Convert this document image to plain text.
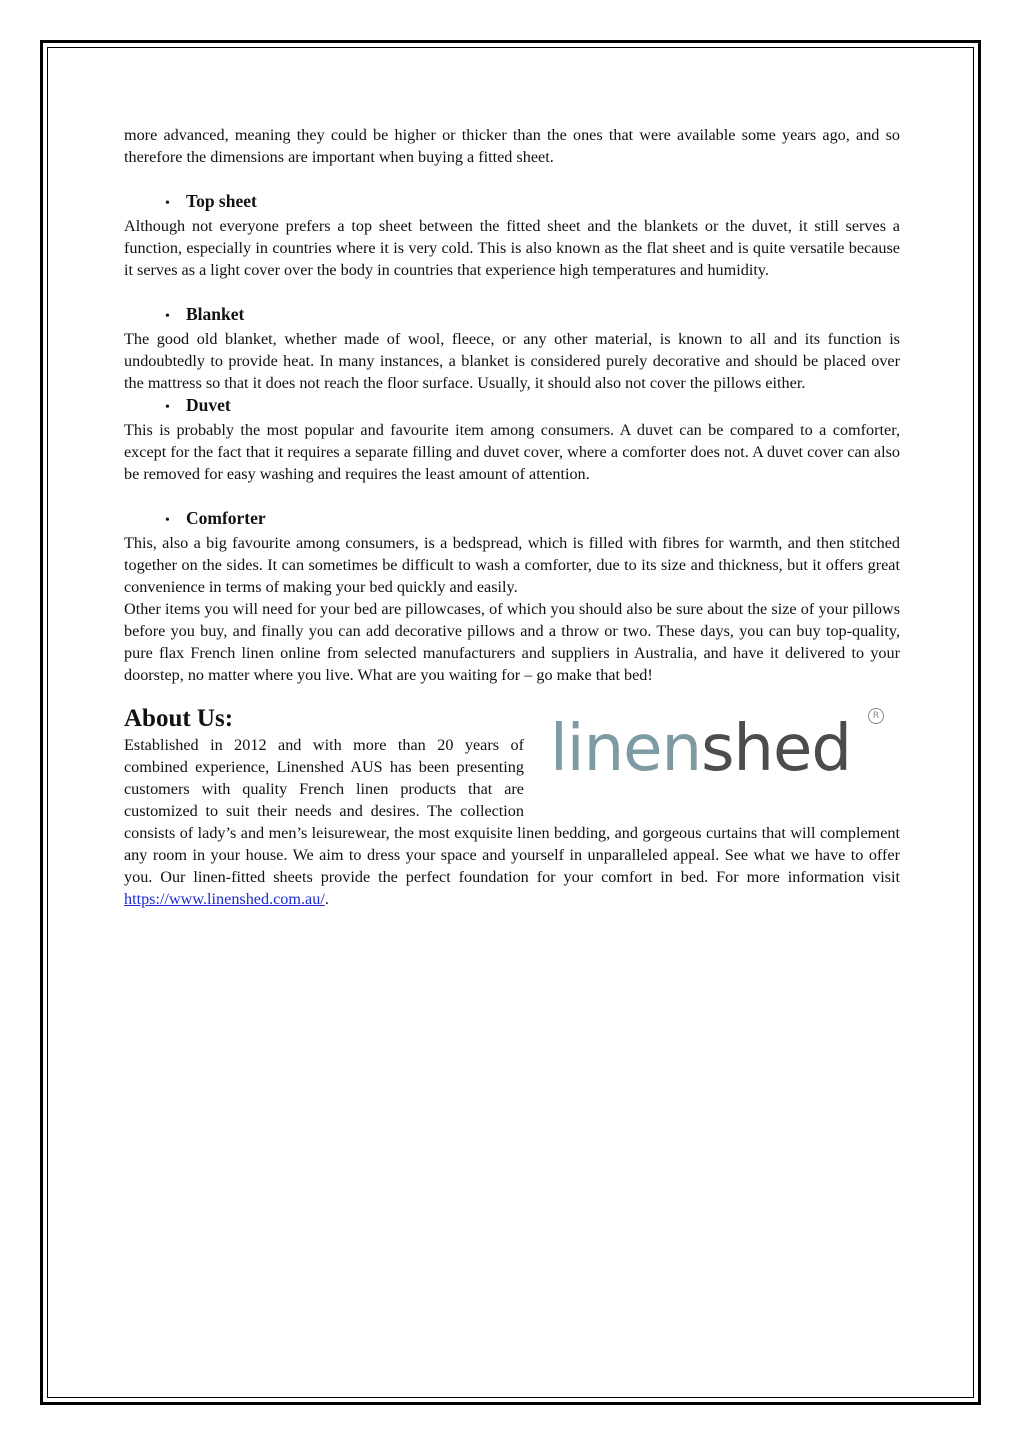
more advanced, meaning they could be higher or thicker than the ones that were available some years ago, and so therefore the dimensions are important when buying a fitted sheet.

• Top sheet

Although not everyone prefers a top sheet between the fitted sheet and the blankets or the duvet, it still serves a function, especially in countries where it is very cold. This is also known as the flat sheet and is quite versatile because it serves as a light cover over the body in countries that experience high temperatures and humidity.

• Blanket

The good old blanket, whether made of wool, fleece, or any other material, is known to all and its function is undoubtedly to provide heat. In many instances, a blanket is considered purely decorative and should be placed over the mattress so that it does not reach the floor surface. Usually, it should also not cover the pillows either.

• Duvet

This is probably the most popular and favourite item among consumers. A duvet can be compared to a comforter, except for the fact that it requires a separate filling and duvet cover, where a comforter does not. A duvet cover can also be removed for easy washing and requires the least amount of attention.

• Comforter

This, also a big favourite among consumers, is a bedspread, which is filled with fibres for warmth, and then stitched together on the sides. It can sometimes be difficult to wash a comforter, due to its size and thickness, but it offers great convenience in terms of making your bed quickly and easily.

Other items you will need for your bed are pillowcases, of which you should also be sure about the size of your pillows before you buy, and finally you can add decorative pillows and a throw or two. These days, you can buy top-quality, pure flax French linen online from selected manufacturers and suppliers in Australia, and have it delivered to your doorstep, no matter where you live. What are you waiting for – go make that bed!

About Us:	linenshed	R

Established in 2012 and with more than 20 years of combined experience, Linenshed AUS has been presenting customers with quality French linen products that are customized to suit their needs and desires. The collection consists of lady’s and men’s leisurewear, the most exquisite linen bedding, and gorgeous curtains that will complement any room in your house. We aim to dress your space and yourself in unparalleled appeal. See what we have to offer you. Our linen-fitted sheets provide the perfect foundation for your comfort in bed. For more information visit https://www.linenshed.com.au/.
